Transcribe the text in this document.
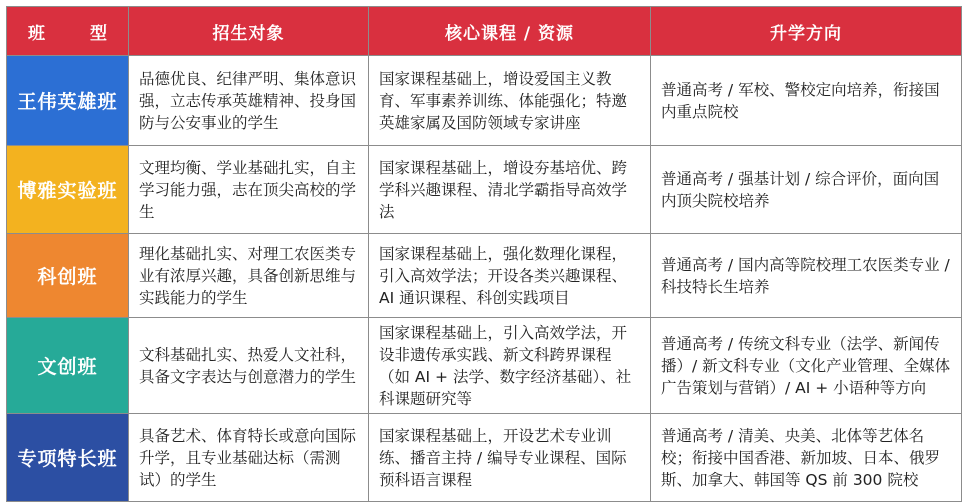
班　型	招生对象	核心课程 / 资源	升学方向
王伟英雄班	品德优良、纪律严明、集体意识强，立志传承英雄精神、投身国防与公安事业的学生	国家课程基础上，增设爱国主义教育、军事素养训练、体能强化；特邀英雄家属及国防领域专家讲座	普通高考 / 军校、警校定向培养，衔接国内重点院校
博雅实验班	文理均衡、学业基础扎实，自主学习能力强，志在顶尖高校的学生	国家课程基础上，增设夯基培优、跨学科兴趣课程、清北学霸指导高效学法	普通高考 / 强基计划 / 综合评价，面向国内顶尖院校培养
科创班	理化基础扎实、对理工农医类专业有浓厚兴趣，具备创新思维与实践能力的学生	国家课程基础上，强化数理化课程，引入高效学法；开设各类兴趣课程、AI 通识课程、科创实践项目	普通高考 / 国内高等院校理工农医类专业 / 科技特长生培养
文创班	文科基础扎实、热爱人文社科，具备文字表达与创意潜力的学生	国家课程基础上，引入高效学法，开设非遗传承实践、新文科跨界课程（如 AI + 法学、数字经济基础）、社科课题研究等	普通高考 / 传统文科专业（法学、新闻传播）/ 新文科专业（文化产业管理、全媒体广告策划与营销）/ AI + 小语种等方向
专项特长班	具备艺术、体育特长或意向国际升学，且专业基础达标（需测试）的学生	国家课程基础上，开设艺术专业训练、播音主持 / 编导专业课程、国际预科语言课程	普通高考 / 清美、央美、北体等艺体名校；衔接中国香港、新加坡、日本、俄罗斯、加拿大、韩国等 QS 前 300 院校
